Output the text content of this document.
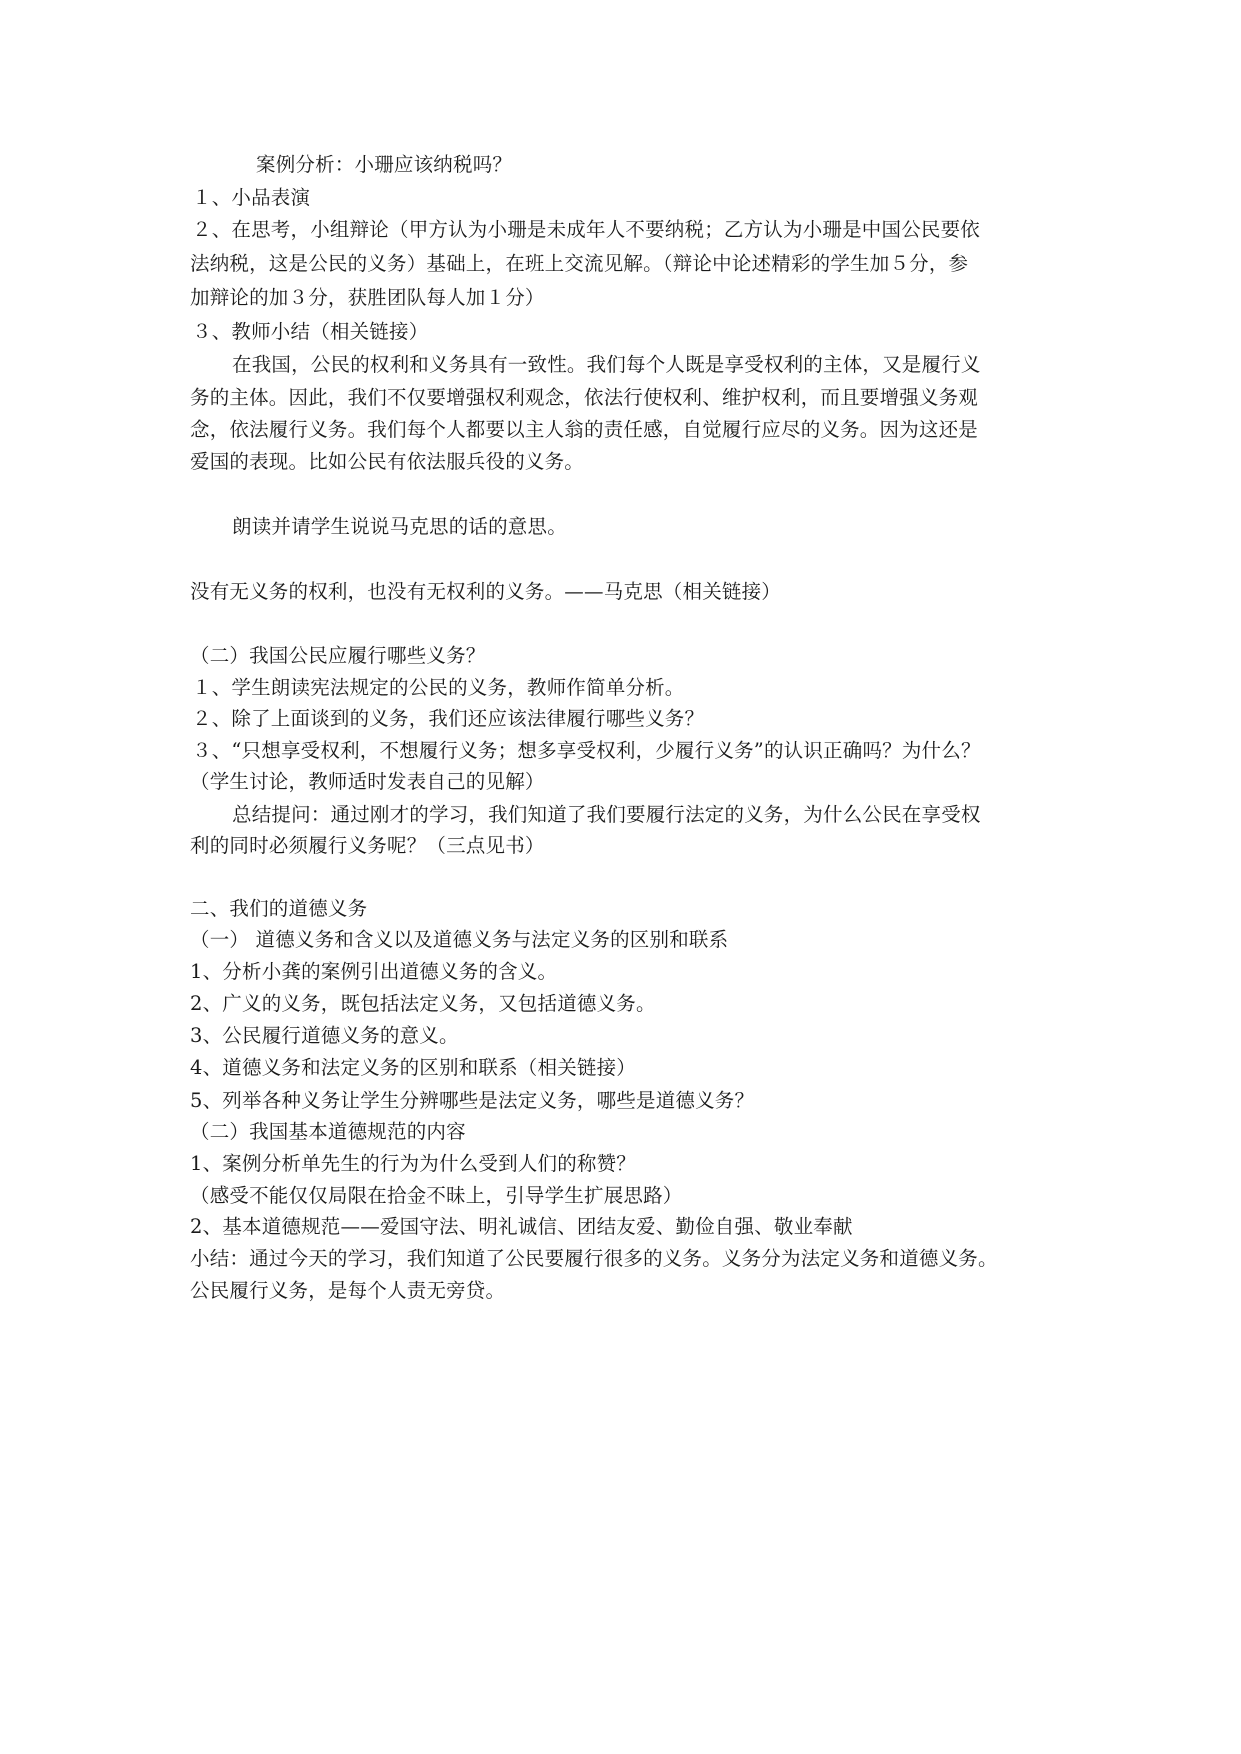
案例分析：小珊应该纳税吗？
１、小品表演
２、在思考，小组辩论（甲方认为小珊是未成年人不要纳税；乙方认为小珊是中国公民要依
法纳税，这是公民的义务）基础上，在班上交流见解。（辩论中论述精彩的学生加５分，参
加辩论的加３分，获胜团队每人加１分）
３、教师小结（相关链接）
在我国，公民的权利和义务具有一致性。我们每个人既是享受权利的主体，又是履行义
务的主体。因此，我们不仅要增强权利观念，依法行使权利、维护权利，而且要增强义务观
念，依法履行义务。我们每个人都要以主人翁的责任感，自觉履行应尽的义务。因为这还是
爱国的表现。比如公民有依法服兵役的义务。
朗读并请学生说说马克思的话的意思。
没有无义务的权利，也没有无权利的义务。——马克思（相关链接）
（二）我国公民应履行哪些义务？
１、学生朗读宪法规定的公民的义务，教师作简单分析。
２、除了上面谈到的义务，我们还应该法律履行哪些义务？
３、“只想享受权利，不想履行义务；想多享受权利，少履行义务”的认识正确吗？为什么？
（学生讨论，教师适时发表自己的见解）
总结提问：通过刚才的学习，我们知道了我们要履行法定的义务，为什么公民在享受权
利的同时必须履行义务呢？（三点见书）
二、我们的道德义务
（一） 道德义务和含义以及道德义务与法定义务的区别和联系
1、分析小龚的案例引出道德义务的含义。
2、广义的义务，既包括法定义务，又包括道德义务。
3、公民履行道德义务的意义。
4、道德义务和法定义务的区别和联系（相关链接）
5、列举各种义务让学生分辨哪些是法定义务，哪些是道德义务？
（二）我国基本道德规范的内容
1、案例分析单先生的行为为什么受到人们的称赞？
（感受不能仅仅局限在拾金不昧上，引导学生扩展思路）
2、基本道德规范——爱国守法、明礼诚信、团结友爱、勤俭自强、敬业奉献
小结：通过今天的学习，我们知道了公民要履行很多的义务。义务分为法定义务和道德义务。
公民履行义务，是每个人责无旁贷。
